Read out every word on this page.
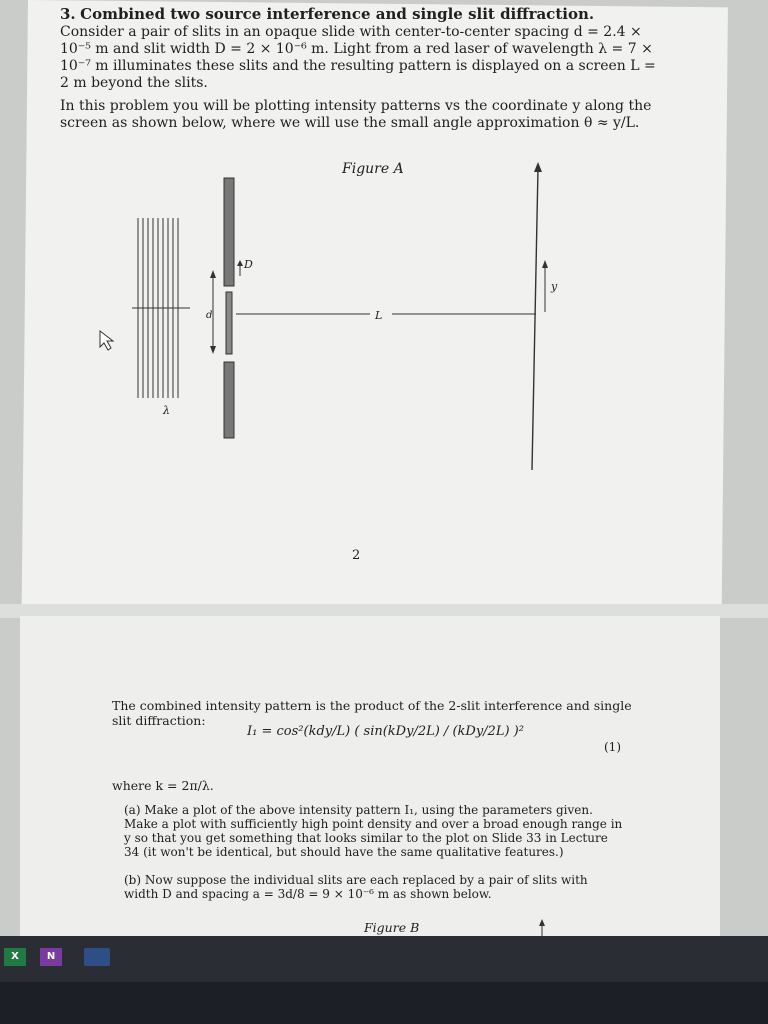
3. Combined two source interference and single slit diffraction. Consider a pair of slits in an opaque slide with center-to-center spacing d = 2.4 × 10⁻⁵ m and slit width D = 2 × 10⁻⁶ m. Light from a red laser of wavelength λ = 7 × 10⁻⁷ m illuminates these slits and the resulting pattern is displayed on a screen L = 2 m beyond the slits.

In this problem you will be plotting intensity patterns vs the coordinate y along the screen as shown below, where we will use the small angle approximation θ ≈ y/L.

Figure A
D
d	L
y
λ
2
The combined intensity pattern is the product of the 2-slit interference and single slit diffraction:
I₁ = cos²(kdy/L) ( sin(kDy/2L) / (kDy/2L) )²
(1)
where k = 2π/λ.
(a) Make a plot of the above intensity pattern I₁, using the parameters given. Make a plot with sufficiently high point density and over a broad enough range in y so that you get something that looks similar to the plot on Slide 33 in Lecture 34 (it won't be identical, but should have the same qualitative features.)
(b) Now suppose the individual slits are each replaced by a pair of slits with width D and spacing a = 3d/8 = 9 × 10⁻⁶ m as shown below.
Figure B
X	N
